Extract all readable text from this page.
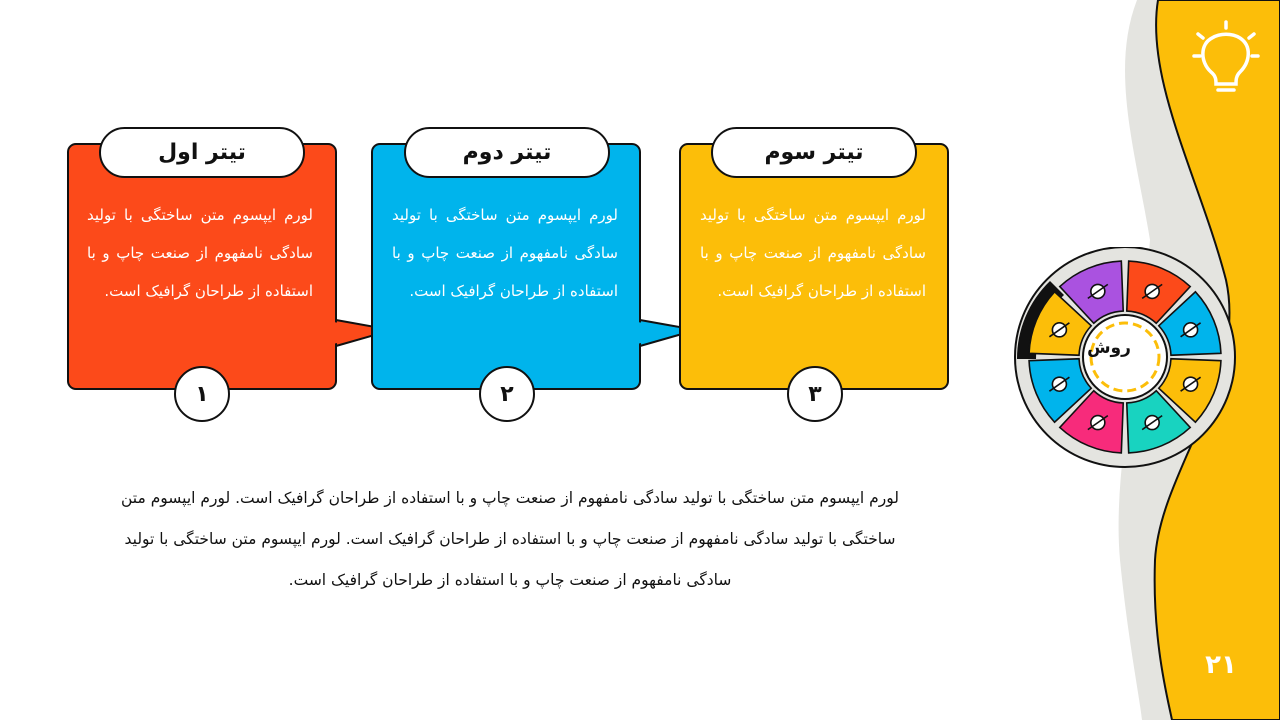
تیتر اول
لورم ایپسوم متن ساختگی با تولید سادگی نامفهوم از صنعت چاپ و با استفاده از طراحان گرافیک است.
۱
تیتر دوم
لورم ایپسوم متن ساختگی با تولید سادگی نامفهوم از صنعت چاپ و با استفاده از طراحان گرافیک است.
۲
تیتر سوم
لورم ایپسوم متن ساختگی با تولید سادگی نامفهوم از صنعت چاپ و با استفاده از طراحان گرافیک است.
۳
لورم ایپسوم متن ساختگی با تولید سادگی نامفهوم از صنعت چاپ و با استفاده از طراحان گرافیک است. لورم ایپسوم متن ساختگی با تولید سادگی نامفهوم از صنعت چاپ و با استفاده از طراحان گرافیک است. لورم ایپسوم متن ساختگی با تولید سادگی نامفهوم از صنعت چاپ و با استفاده از طراحان گرافیک است.
روش
۲۱
